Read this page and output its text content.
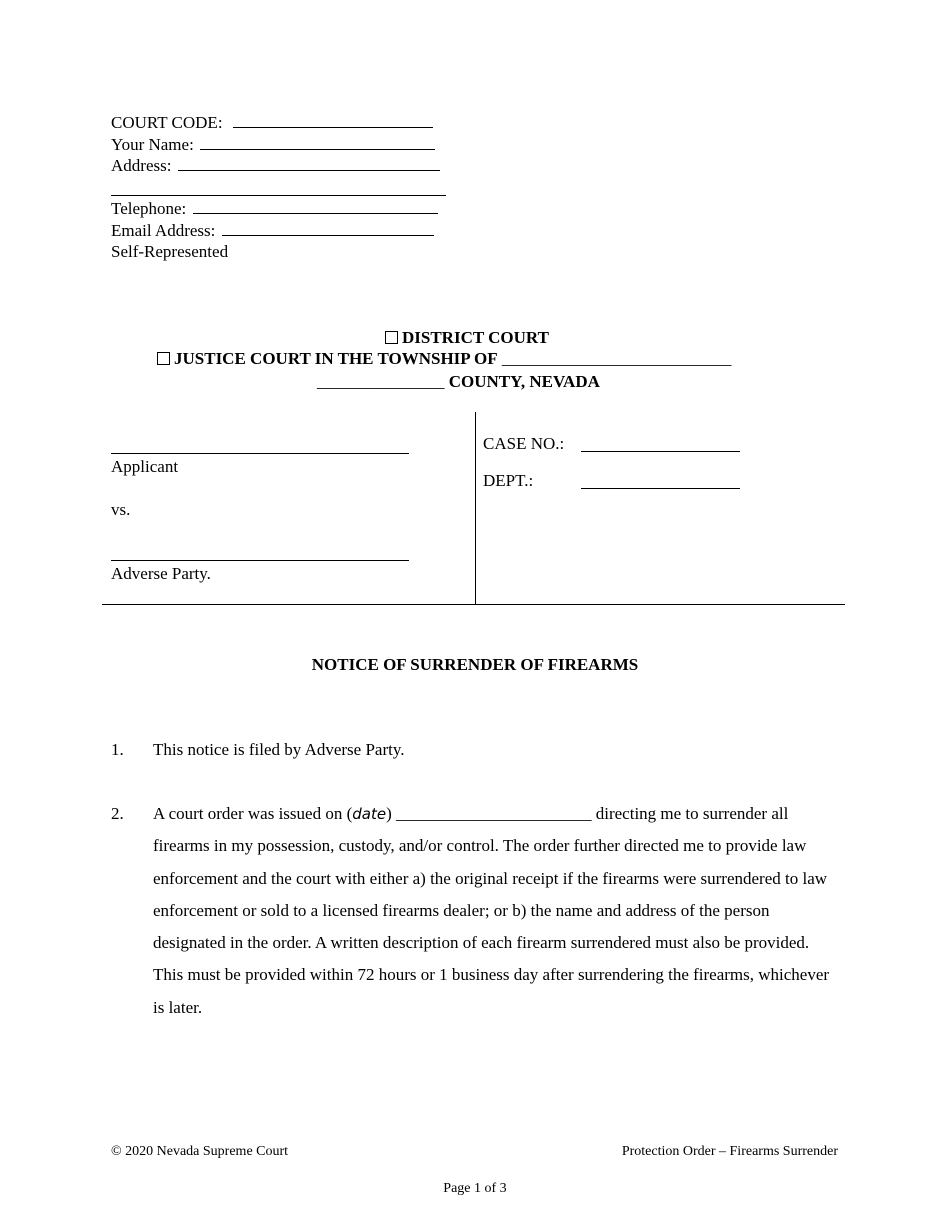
COURT CODE:
Your Name:
Address:
Telephone:
Email Address:
Self-Represented
DISTRICT COURT
JUSTICE COURT IN THE TOWNSHIP OF ___________________________
_______________ COUNTY, NEVADA
Applicant
vs.
Adverse Party.
CASE NO.:
DEPT.:
NOTICE OF SURRENDER OF FIREARMS
1. This notice is filed by Adverse Party.
2. A court order was issued on (date) _______________________ directing me to surrender all firearms in my possession, custody, and/or control. The order further directed me to provide law enforcement and the court with either a) the original receipt if the firearms were surrendered to law enforcement or sold to a licensed firearms dealer; or b) the name and address of the person designated in the order. A written description of each firearm surrendered must also be provided. This must be provided within 72 hours or 1 business day after surrendering the firearms, whichever is later.
© 2020 Nevada Supreme Court	Protection Order – Firearms Surrender
Page 1 of 3
